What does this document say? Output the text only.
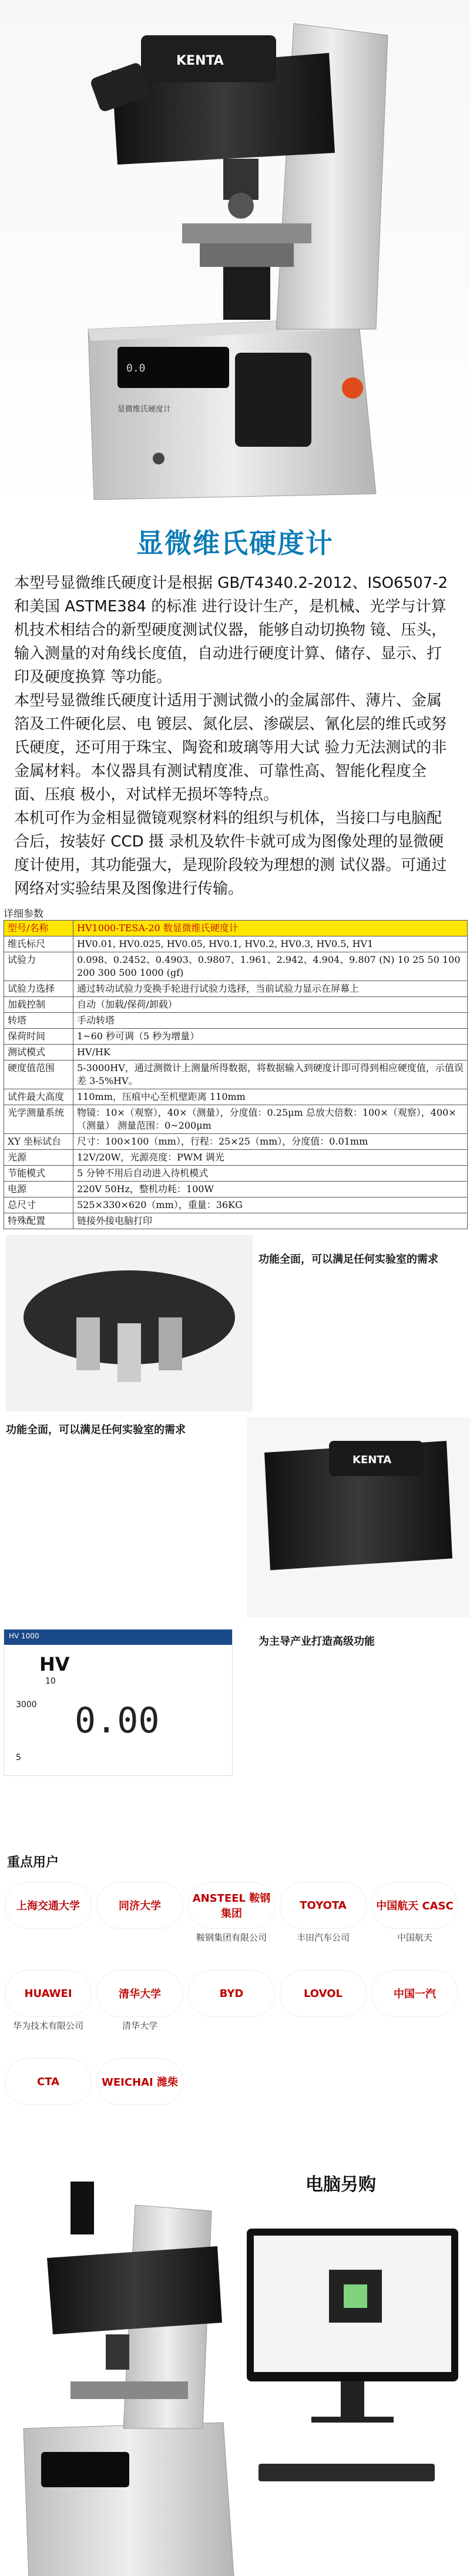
0.0
KENTA
显微维氏硬度计
显微维氏硬度计

本型号显微维氏硬度计是根据 GB/T4340.2-2012、ISO6507-2 和美国 ASTME384 的标准 进行设计生产，是机械、光学与计算机技术相结合的新型硬度测试仪器，能够自动切换物 镜、压头，输入测量的对角线长度值，自动进行硬度计算、储存、显示、打印及硬度换算 等功能。

本型号显微维氏硬度计适用于测试微小的金属部件、薄片、金属箔及工件硬化层、电 镀层、氮化层、渗碳层、氰化层的维氏或努氏硬度，还可用于珠宝、陶瓷和玻璃等用大试 验力无法测试的非金属材料。本仪器具有测试精度准、可靠性高、智能化程度全面、压痕 极小，对试样无损坏等特点。

本机可作为金相显微镜观察材料的组织与机体，当接口与电脑配合后，按装好 CCD 摄 录机及软件卡就可成为图像处理的显微硬度计使用，其功能强大，是现阶段较为理想的测 试仪器。可通过网络对实验结果及图像进行传输。

详细参数
型号/名称	HV1000-TESA-20 数显微维氏硬度计
维氏标尺	HV0.01, HV0.025, HV0.05, HV0.1, HV0.2, HV0.3, HV0.5, HV1
试验力	0.098、0.2452、0.4903、0.9807、1.961、2.942、4.904、9.807 (N) 10 25 50 100 200 300 500 1000 (gf)
试验力选择	通过转动试验力变换手轮进行试验力选择，当前试验力显示在屏幕上
加载控制	自动（加载/保荷/卸载）
转塔	手动转塔
保荷时间	1~60 秒可调（5 秒为增量）
测试模式	HV/HK
硬度值范围	5-3000HV，通过测微计上测量所得数据，将数据输入到硬度计即可得到相应硬度值，示值误差 3-5%HV。
试件最大高度	110mm，压痕中心至机壁距离 110mm
光学测量系统	物镜：10×（观察），40×（测量），分度值：0.25μm 总放大倍数：100×（观察），400×（测量） 测量范围：0~200μm
XY 坐标试台	尺寸：100×100（mm），行程：25×25（mm），分度值：0.01mm
光源	12V/20W，光源亮度：PWM 调光
节能模式	5 分钟不用后自动进入待机模式
电源	220V 50Hz，整机功耗：100W
总尺寸	525×330×620（mm），重量：36KG
特殊配置	链接外接电脑打印
KENTA
功能全面，可以满足任何实验室的需求
功能全面，可以满足任何实验室的需求
为主导产业打造高级功能
HV 1000
HV
10
3000
5
0.00
重点用户
上海交通大学	同济大学
ANSTEEL 鞍钢集团
鞍钢集团有限公司
TOYOTA
丰田汽车公司
中国航天 CASC
中国航天
HUAWEI
华为技术有限公司
清华大学
清华大学
BYD	LOVOL	中国一汽
CTA	WEICHAI 潍柴
电脑另购
